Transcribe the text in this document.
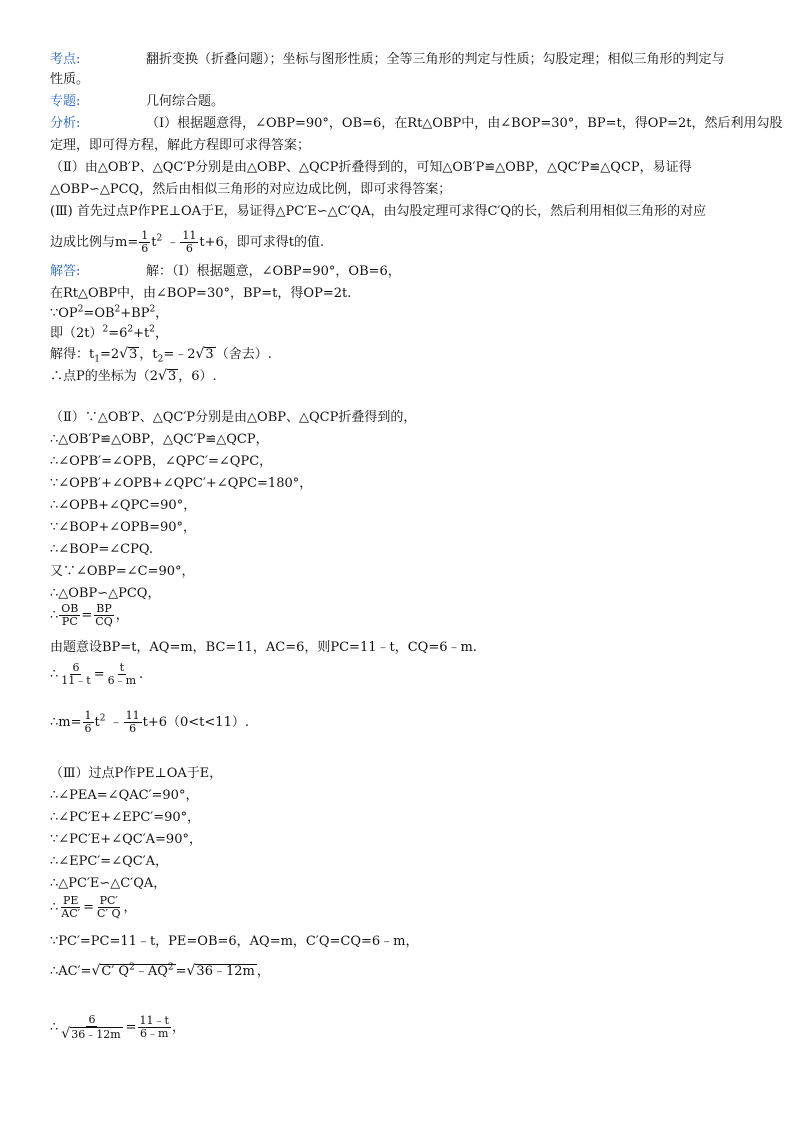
考点:	翻折变换（折叠问题）；坐标与图形性质；全等三角形的判定与性质；勾股定理；相似三角形的判定与
性质。
专题:	几何综合题。
分析:	（Ⅰ）根据题意得，∠OBP=90°，OB=6，在Rt△OBP中，由∠BOP=30°，BP=t，得OP=2t，然后利用勾股
定理，即可得方程，解此方程即可求得答案；
（Ⅱ）由△OB′P、△QC′P分别是由△OBP、△QCP折叠得到的，可知△OB′P≌△OBP，△QC′P≌△QCP，易证得
△OBP∽△PCQ，然后由相似三角形的对应边成比例，即可求得答案；
(Ⅲ) 首先过点P作PE⊥OA于E，易证得△PC′E∽△C′QA，由勾股定理可求得C′Q的长，然后利用相似三角形的对应
边成比例与$m= \frac{1}{6} t^2$ ﹣ $\frac{11}{6} t+6$，即可求得t的值.
解答:	解：（Ⅰ）根据题意，∠OBP=90°，OB=6，
在Rt△OBP中，由∠BOP=30°，BP=t，得OP=2t.
$\because OP^2=OB^2+BP^2$，
即$(2t)^2=6^2+t^2$，
解得：$t_1=2√3$ ，$t_2=﹣2√3$ （舍去）.
∴点P的坐标为（2√3 ，6）.
（Ⅱ）∵△OB′P、△QC′P分别是由△OBP、△QCP折叠得到的，
∴△OB′P≌△OBP，△QC′P≌△QCP，
∴∠OPB′=∠OPB，∠QPC′=∠QPC，
∵∠OPB′+∠OPB+∠QPC′+∠QPC=180°，
∴∠OPB+∠QPC=90°，
∵∠BOP+∠OPB=90°，
∴∠BOP=∠CPQ.
又∵∠OBP=∠C=90°，
∴△OBP∽△PCQ，
∴ $\frac{OB}{PC} = \frac{BP}{CQ}$ ，
由题意设BP=t，AQ=m，BC=11，AC=6，则PC=11﹣t，CQ=6﹣m.
∴ $\frac{6}{11﹣t} = \frac{t}{6﹣m}$ .
∴m= $\frac{1}{6} t^2$ ﹣ $\frac{11}{6} t+6(0<t<11)$.
（Ⅲ）过点P作PE⊥OA于E，
∴∠PEA=∠QAC′=90°，
∴∠PC′E+∠EPC′=90°，
∵∠PC′E+∠QC′A=90°，
∴∠EPC′=∠QC′A，
∴△PC′E∽△C′QA，
∴ $\frac{PE}{AC'} = \frac{PC'}{C' Q}$ ，
∵PC′=PC=11﹣t，PE=OB=6，AQ=m，C′Q=CQ=6﹣m，
∴AC′=√C′ $Q^2﹣AQ^2$ =√36﹣12m ，
∴ $\frac{6}{√36﹣12m} = \frac{11﹣t}{6﹣m}$ ，
